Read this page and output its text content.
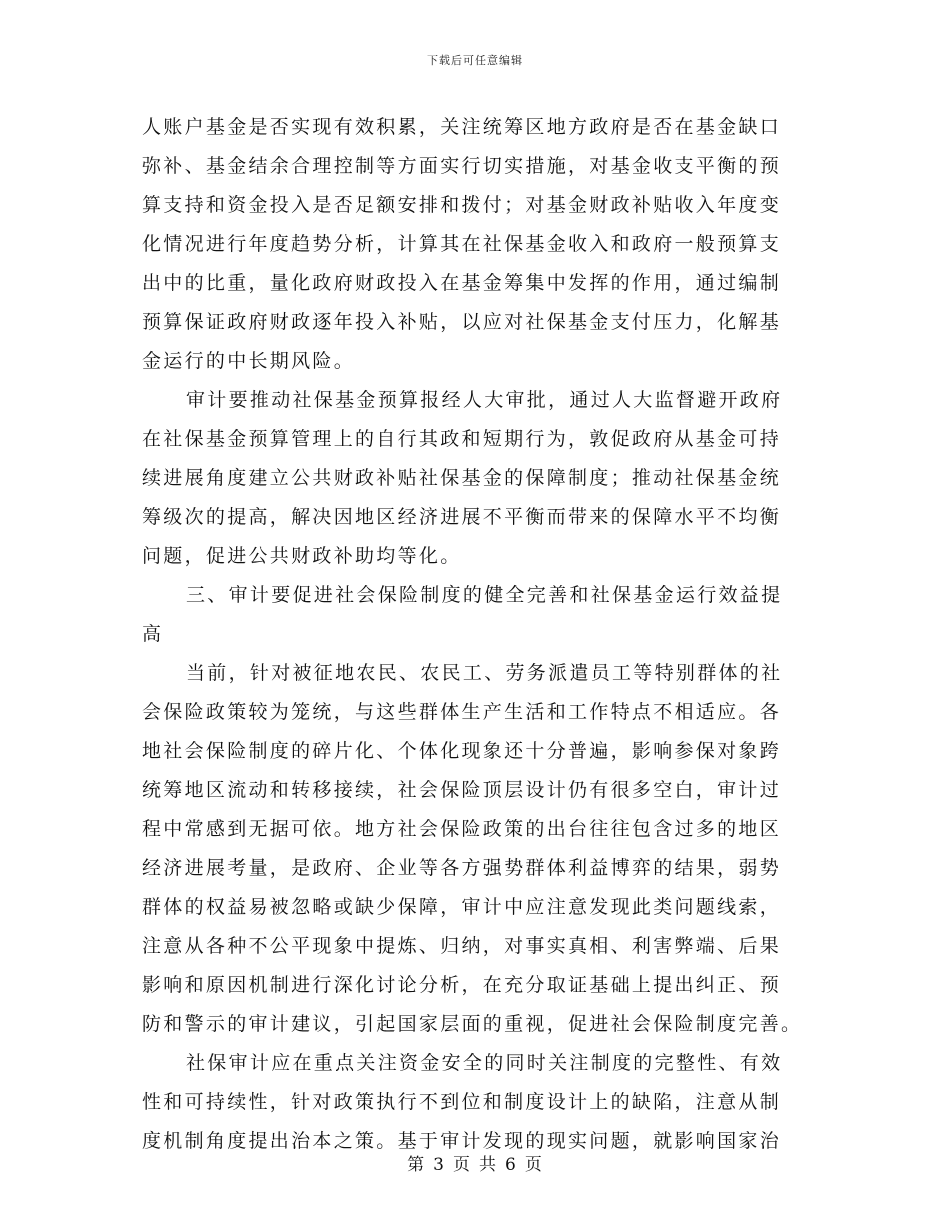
下载后可任意编辑
人账户基金是否实现有效积累，关注统筹区地方政府是否在基金缺口
弥补、基金结余合理控制等方面实行切实措施，对基金收支平衡的预
算支持和资金投入是否足额安排和拨付；对基金财政补贴收入年度变
化情况进行年度趋势分析，计算其在社保基金收入和政府一般预算支
出中的比重，量化政府财政投入在基金筹集中发挥的作用，通过编制
预算保证政府财政逐年投入补贴，以应对社保基金支付压力，化解基
金运行的中长期风险。
审计要推动社保基金预算报经人大审批，通过人大监督避开政府
在社保基金预算管理上的自行其政和短期行为，敦促政府从基金可持
续进展角度建立公共财政补贴社保基金的保障制度；推动社保基金统
筹级次的提高，解决因地区经济进展不平衡而带来的保障水平不均衡
问题，促进公共财政补助均等化。
三、审计要促进社会保险制度的健全完善和社保基金运行效益提
高
当前，针对被征地农民、农民工、劳务派遣员工等特别群体的社
会保险政策较为笼统，与这些群体生产生活和工作特点不相适应。各
地社会保险制度的碎片化、个体化现象还十分普遍，影响参保对象跨
统筹地区流动和转移接续，社会保险顶层设计仍有很多空白，审计过
程中常感到无据可依。地方社会保险政策的出台往往包含过多的地区
经济进展考量，是政府、企业等各方强势群体利益博弈的结果，弱势
群体的权益易被忽略或缺少保障，审计中应注意发现此类问题线索，
注意从各种不公平现象中提炼、归纳，对事实真相、利害弊端、后果
影响和原因机制进行深化讨论分析，在充分取证基础上提出纠正、预
防和警示的审计建议，引起国家层面的重视，促进社会保险制度完善。
社保审计应在重点关注资金安全的同时关注制度的完整性、有效
性和可持续性，针对政策执行不到位和制度设计上的缺陷，注意从制
度机制角度提出治本之策。基于审计发现的现实问题，就影响国家治
第 3 页 共 6 页
